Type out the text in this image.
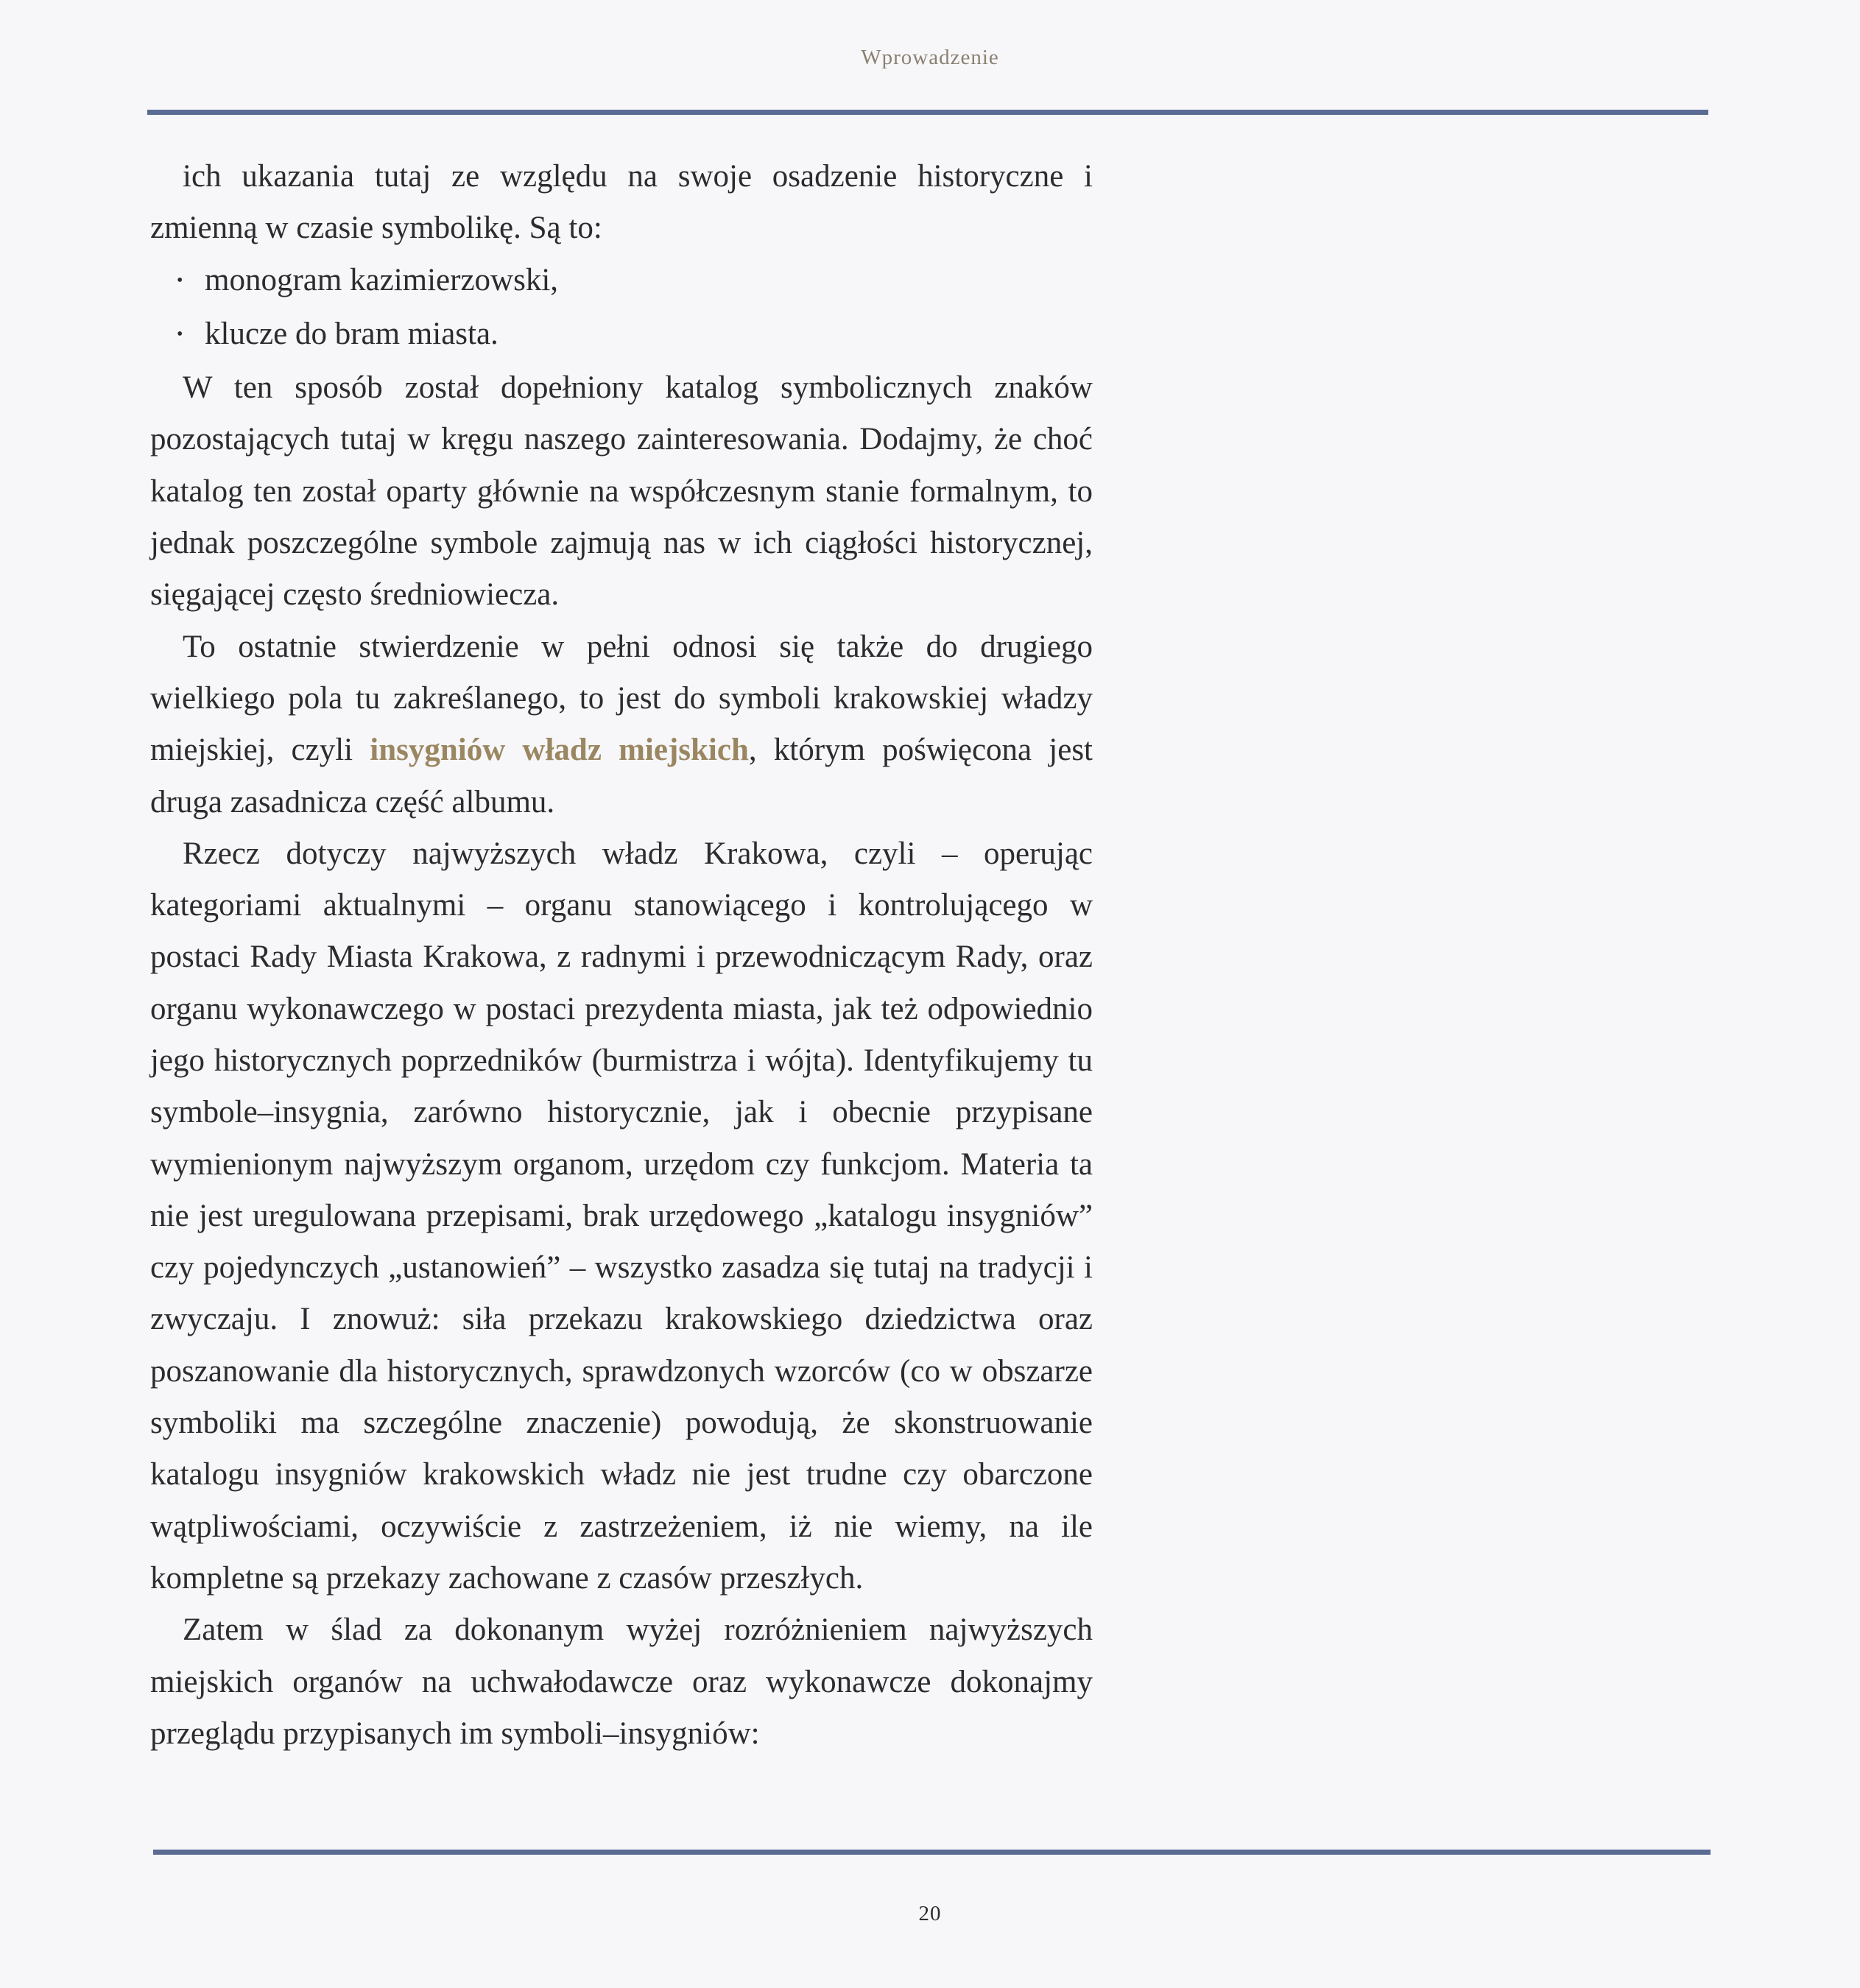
Wprowadzenie

ich ukazania tutaj ze względu na swoje osadzenie historyczne i zmienną w czasie symbolikę. Są to:

• monogram kazimierzowski,
• klucze do bram miasta.

W ten sposób został dopełniony katalog symbolicznych znaków pozostających tutaj w kręgu naszego zainteresowania. Dodajmy, że choć katalog ten został oparty głównie na współczesnym stanie formalnym, to jednak poszczególne symbole zajmują nas w ich ciągłości historycznej, sięgającej często średniowiecza.

To ostatnie stwierdzenie w pełni odnosi się także do drugiego wielkiego pola tu zakreślanego, to jest do symboli krakowskiej władzy miejskiej, czyli insygniów władz miejskich, którym poświęcona jest druga zasadnicza część albumu.

Rzecz dotyczy najwyższych władz Krakowa, czyli – operując kategoriami aktualnymi – organu stanowiącego i kontrolującego w postaci Rady Miasta Krakowa, z radnymi i przewodniczącym Rady, oraz organu wykonawczego w postaci prezydenta miasta, jak też odpowiednio jego historycznych poprzedników (burmistrza i wójta). Identyfikujemy tu symbole–insygnia, zarówno historycznie, jak i obecnie przypisane wymienionym najwyższym organom, urzędom czy funkcjom. Materia ta nie jest uregulowana przepisami, brak urzędowego „katalogu insygniów” czy pojedynczych „ustanowień” – wszystko zasadza się tutaj na tradycji i zwyczaju. I znowuż: siła przekazu krakowskiego dziedzictwa oraz poszanowanie dla historycznych, sprawdzonych wzorców (co w obszarze symboliki ma szczególne znaczenie) powodują, że skonstruowanie katalogu insygniów krakowskich władz nie jest trudne czy obarczone wątpliwościami, oczywiście z zastrzeżeniem, iż nie wiemy, na ile kompletne są przekazy zachowane z czasów przeszłych.

Zatem w ślad za dokonanym wyżej rozróżnieniem najwyższych miejskich organów na uchwałodawcze oraz wykonawcze dokonajmy przeglądu przypisanych im symboli–insygniów:

20
